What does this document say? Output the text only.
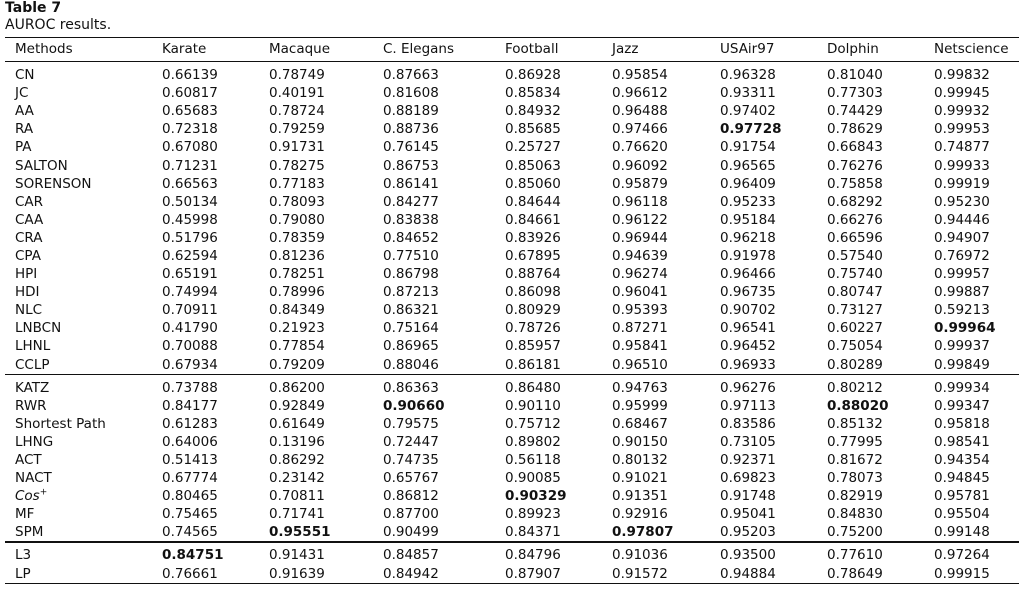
Table 7
AUROC results.
Methods	Karate	Macaque	C. Elegans	Football	Jazz	USAir97	Dolphin	Netscience
CN	0.66139	0.78749	0.87663	0.86928	0.95854	0.96328	0.81040	0.99832
JC	0.60817	0.40191	0.81608	0.85834	0.96612	0.93311	0.77303	0.99945
AA	0.65683	0.78724	0.88189	0.84932	0.96488	0.97402	0.74429	0.99932
RA	0.72318	0.79259	0.88736	0.85685	0.97466	0.97728	0.78629	0.99953
PA	0.67080	0.91731	0.76145	0.25727	0.76620	0.91754	0.66843	0.74877
SALTON	0.71231	0.78275	0.86753	0.85063	0.96092	0.96565	0.76276	0.99933
SORENSON	0.66563	0.77183	0.86141	0.85060	0.95879	0.96409	0.75858	0.99919
CAR	0.50134	0.78093	0.84277	0.84644	0.96118	0.95233	0.68292	0.95230
CAA	0.45998	0.79080	0.83838	0.84661	0.96122	0.95184	0.66276	0.94446
CRA	0.51796	0.78359	0.84652	0.83926	0.96944	0.96218	0.66596	0.94907
CPA	0.62594	0.81236	0.77510	0.67895	0.94639	0.91978	0.57540	0.76972
HPI	0.65191	0.78251	0.86798	0.88764	0.96274	0.96466	0.75740	0.99957
HDI	0.74994	0.78996	0.87213	0.86098	0.96041	0.96735	0.80747	0.99887
NLC	0.70911	0.84349	0.86321	0.80929	0.95393	0.90702	0.73127	0.59213
LNBCN	0.41790	0.21923	0.75164	0.78726	0.87271	0.96541	0.60227	0.99964
LHNL	0.70088	0.77854	0.86965	0.85957	0.95841	0.96452	0.75054	0.99937
CCLP	0.67934	0.79209	0.88046	0.86181	0.96510	0.96933	0.80289	0.99849
KATZ	0.73788	0.86200	0.86363	0.86480	0.94763	0.96276	0.80212	0.99934
RWR	0.84177	0.92849	0.90660	0.90110	0.95999	0.97113	0.88020	0.99347
Shortest Path	0.61283	0.61649	0.79575	0.75712	0.68467	0.83586	0.85132	0.95818
LHNG	0.64006	0.13196	0.72447	0.89802	0.90150	0.73105	0.77995	0.98541
ACT	0.51413	0.86292	0.74735	0.56118	0.80132	0.92371	0.81672	0.94354
NACT	0.67774	0.23142	0.65767	0.90085	0.91021	0.69823	0.78073	0.94845
Cos+	0.80465	0.70811	0.86812	0.90329	0.91351	0.91748	0.82919	0.95781
MF	0.75465	0.71741	0.87700	0.89923	0.92916	0.95041	0.84830	0.95504
SPM	0.74565	0.95551	0.90499	0.84371	0.97807	0.95203	0.75200	0.99148
L3	0.84751	0.91431	0.84857	0.84796	0.91036	0.93500	0.77610	0.97264
LP	0.76661	0.91639	0.84942	0.87907	0.91572	0.94884	0.78649	0.99915
